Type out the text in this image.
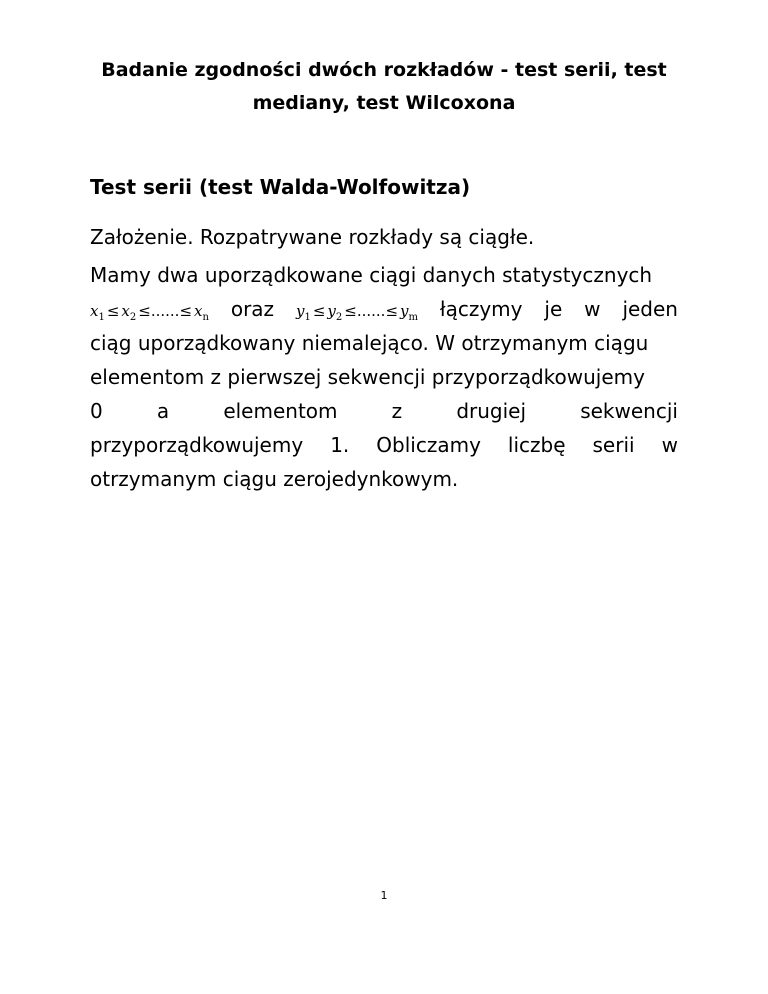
Badanie zgodności dwóch rozkładów - test serii, test
mediany, test Wilcoxona
Test serii (test Walda-Wolfowitza)
Założenie. Rozpatrywane rozkłady są ciągłe.
Mamy dwa uporządkowane ciągi danych statystycznych
$x_1 \le x_2$ ≤......≤ $x_n$ oraz $y_1 \le y_2$ ≤......≤ $y_m$ łączymy je w jeden
ciąg uporządkowany niemalejąco. W otrzymanym ciągu
elementom z pierwszej sekwencji przyporządkowujemy
0	a	elementom	z	drugiej	sekwencji
przyporządkowujemy 1. Obliczamy liczbę serii w
otrzymanym ciągu zerojedynkowym.
1
